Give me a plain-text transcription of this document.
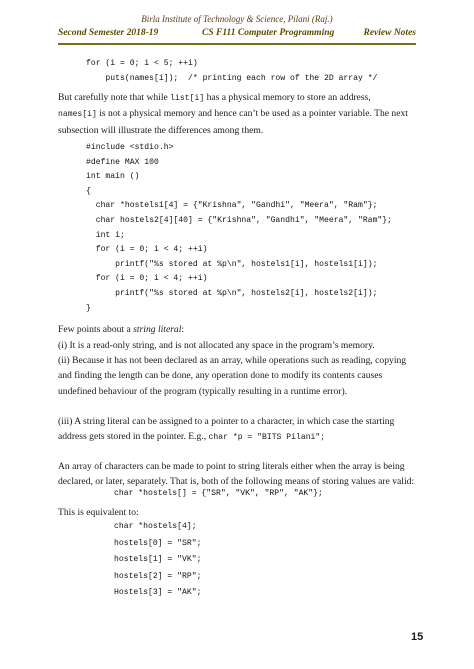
Birla Institute of Technology & Science, Pilani (Raj.)
Second Semester 2018-19	CS F111 Computer Programming	Review Notes
for (i = 0; i < 5; ++i)
puts(names[i]);  /* printing each row of the 2D array */

But carefully note that while list[i] has a physical memory to store an address,
names[i] is not a physical memory and hence can’t be used as a pointer variable. The next subsection will illustrate the differences among them.

#include <stdio.h>
#define MAX 100
int main ()
{
char *hostels1[4] = {"Krishna", "Gandhi", "Meera", "Ram"};
char hostels2[4][40] = {"Krishna", "Gandhi", "Meera", "Ram"};
int i;
for (i = 0; i < 4; ++i)
printf("%s stored at %p\n", hostels1[i], hostels1[i]);
for (i = 0; i < 4; ++i)
printf("%s stored at %p\n", hostels2[i], hostels2[i]);
}

Few points about a string literal:

(i) It is a read-only string, and is not allocated any space in the program’s memory.

(ii) Because it has not been declared as an array, while operations such as reading, copying and finding the length can be done, any operation done to modify its contents causes undefined behaviour of the program (typically resulting in a runtime error).

(iii) A string literal can be assigned to a pointer to a character, in which case the starting address gets stored in the pointer. E.g., char *p = "BITS Pilani";

An array of characters can be made to point to string literals either when the array is being declared, or later, separately. That is, both of the following means of storing values are valid:

char *hostels[] = {"SR", "VK", "RP", "AK"};

This is equivalent to:

char *hostels[4];
hostels[0] = "SR";
hostels[1] = "VK";
hostels[2] = "RP";
Hostels[3] = "AK";
15
